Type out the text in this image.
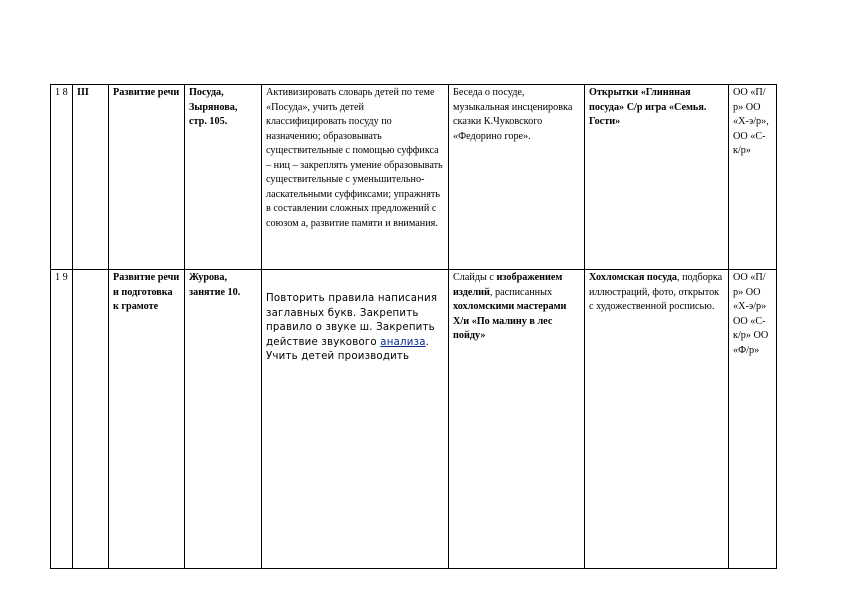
1 8	III	Развитие речи	Посуда, Зырянова, стр. 105.	Активизировать словарь детей по теме «Посуда», учить детей классифицировать посуду по назначению; образовывать существительные с помощью суффикса – ниц – закреплять умение образовывать существительные с уменьшительно-ласкательными суффиксами; упражнять в составлении сложных предложений с союзом а, развитие памяти и внимания.	Беседа о посуде, музыкальная инсценировка сказки К.Чуковского «Федорино горе».	Открытки «Глиняная посуда» С/р игра «Семья. Гости»	ОО «П/р» ОО «Х-э/р», ОО «С-к/р»
1 9		Развитие речи и подготовка к грамоте	Журова, занятие 10.	Повторить правила написания заглавных букв. Закрепить правило о звуке ш. Закрепить действие звукового анализа. Учить детей производить	Слайды с изображением изделий, расписанных хохломскими мастерами
Х/и «По малину в лес пойду»	Хохломская посуда, подборка иллюстраций, фото, открыток с художественной росписью.	ОО «П/р» ОО «Х-э/р» ОО «С-к/р» ОО «Ф/р»
